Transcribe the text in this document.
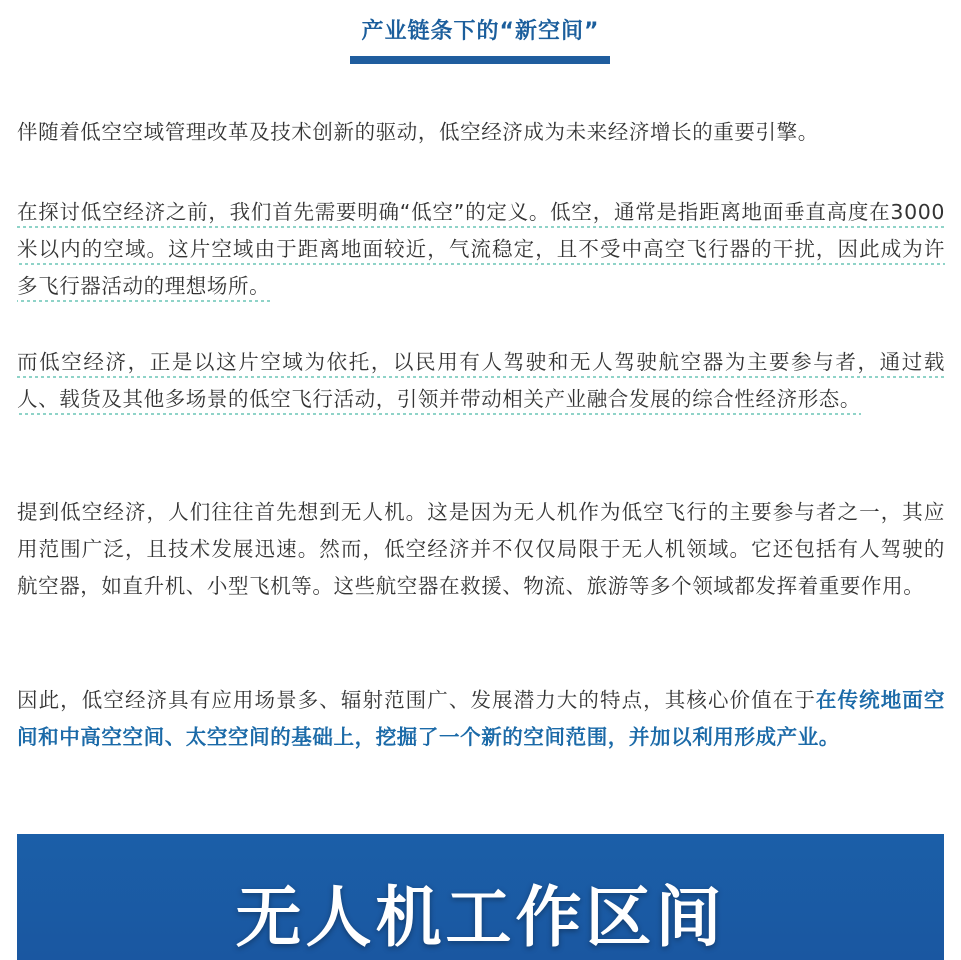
产业链条下的“新空间”

伴随着低空空域管理改革及技术创新的驱动，低空经济成为未来经济增长的重要引擎。

在探讨低空经济之前，我们首先需要明确“低空”的定义。低空，通常是指距离地面垂直高度在3000米以内的空域。这片空域由于距离地面较近，气流稳定，且不受中高空飞行器的干扰，因此成为许多飞行器活动的理想场所。

而低空经济，正是以这片空域为依托，以民用有人驾驶和无人驾驶航空器为主要参与者，通过载人、载货及其他多场景的低空飞行活动，引领并带动相关产业融合发展的综合性经济形态。

提到低空经济，人们往往首先想到无人机。这是因为无人机作为低空飞行的主要参与者之一，其应用范围广泛，且技术发展迅速。然而，低空经济并不仅仅局限于无人机领域。它还包括有人驾驶的航空器，如直升机、小型飞机等。这些航空器在救援、物流、旅游等多个领域都发挥着重要作用。

因此，低空经济具有应用场景多、辐射范围广、发展潜力大的特点，其核心价值在于在传统地面空间和中高空空间、太空空间的基础上，挖掘了一个新的空间范围，并加以利用形成产业。

无人机工作区间
